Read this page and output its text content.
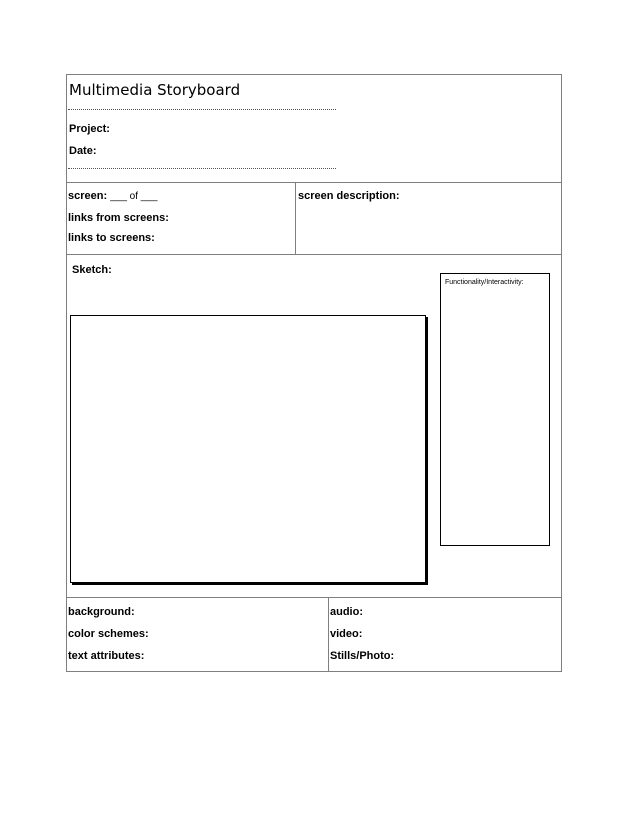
Multimedia Storyboard
Project:
Date:
screen: ___ of ___
links from screens:
links to screens:
screen description:
Sketch:
Functionality/Interactivity:
background:
color schemes:
text attributes:
audio:
video:
Stills/Photo:
